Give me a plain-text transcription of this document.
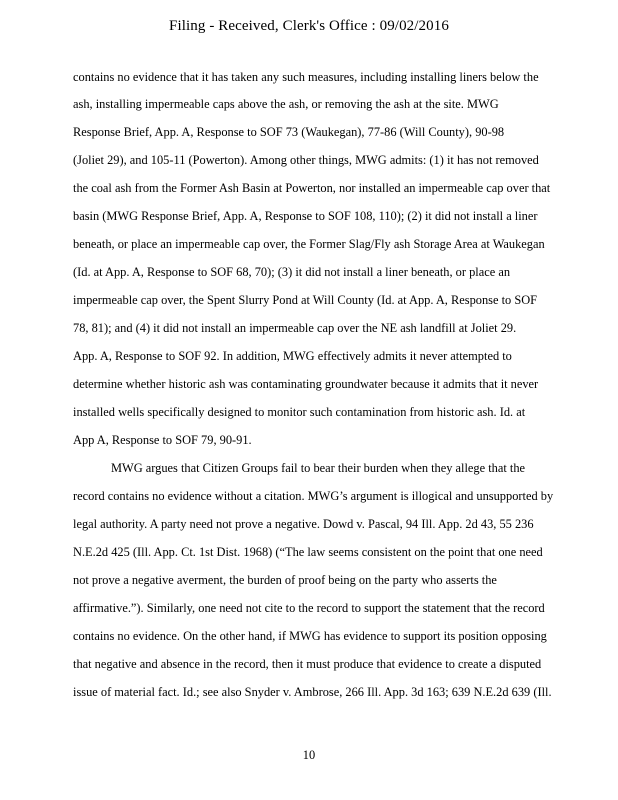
Filing - Received, Clerk's Office : 09/02/2016
contains no evidence that it has taken any such measures, including installing liners below the
ash, installing impermeable caps above the ash, or removing the ash at the site. MWG
Response Brief, App. A, Response to SOF 73 (Waukegan), 77-86 (Will County), 90-98
(Joliet 29), and 105-11 (Powerton). Among other things, MWG admits: (1) it has not removed
the coal ash from the Former Ash Basin at Powerton, nor installed an impermeable cap over that
basin (MWG Response Brief, App. A, Response to SOF 108, 110); (2) it did not install a liner
beneath, or place an impermeable cap over, the Former Slag/Fly ash Storage Area at Waukegan
(Id. at App. A, Response to SOF 68, 70); (3) it did not install a liner beneath, or place an
impermeable cap over, the Spent Slurry Pond at Will County (Id. at App. A, Response to SOF
78, 81); and (4) it did not install an impermeable cap over the NE ash landfill at Joliet 29.
App. A, Response to SOF 92. In addition, MWG effectively admits it never attempted to
determine whether historic ash was contaminating groundwater because it admits that it never
installed wells specifically designed to monitor such contamination from historic ash. Id. at
App A, Response to SOF 79, 90-91.
MWG argues that Citizen Groups fail to bear their burden when they allege that the
record contains no evidence without a citation. MWG’s argument is illogical and unsupported by
legal authority. A party need not prove a negative. Dowd v. Pascal, 94 Ill. App. 2d 43, 55 236
N.E.2d 425 (Ill. App. Ct. 1st Dist. 1968) (“The law seems consistent on the point that one need
not prove a negative averment, the burden of proof being on the party who asserts the
affirmative.”). Similarly, one need not cite to the record to support the statement that the record
contains no evidence. On the other hand, if MWG has evidence to support its position opposing
that negative and absence in the record, then it must produce that evidence to create a disputed
issue of material fact. Id.; see also Snyder v. Ambrose, 266 Ill. App. 3d 163; 639 N.E.2d 639 (Ill.
10
